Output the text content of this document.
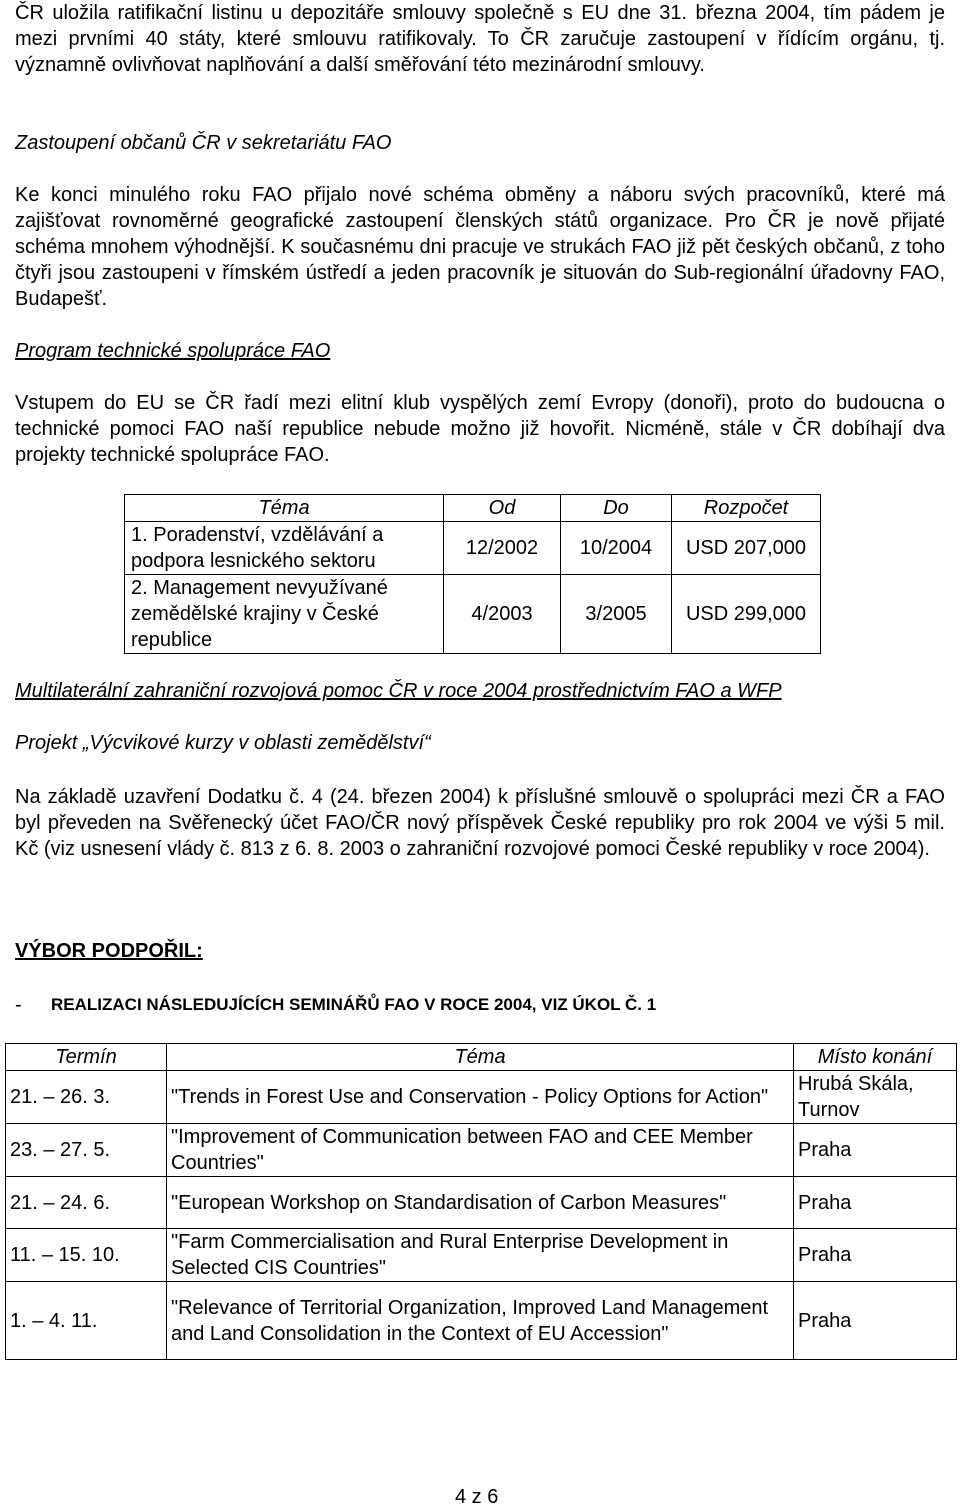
ČR uložila ratifikační listinu u depozitáře smlouvy společně s EU dne 31. března 2004, tím pádem je mezi prvními 40 státy, které smlouvu ratifikovaly. To ČR zaručuje zastoupení v řídícím orgánu, tj. významně ovlivňovat naplňování a další směřování této mezinárodní smlouvy.

Zastoupení občanů ČR v sekretariátu FAO

Ke konci minulého roku FAO přijalo nové schéma obměny a náboru svých pracovníků, které má zajišťovat rovnoměrné geografické zastoupení členských států organizace. Pro ČR je nově přijaté schéma mnohem výhodnější. K současnému dni pracuje ve strukách FAO již pět českých občanů, z toho čtyři jsou zastoupeni v římském ústředí a jeden pracovník je situován do Sub-regionální úřadovny FAO, Budapešť.

Program technické spolupráce FAO

Vstupem do EU se ČR řadí mezi elitní klub vyspělých zemí Evropy (donoři), proto do budoucna o technické pomoci FAO naší republice nebude možno již hovořit. Nicméně, stále v ČR dobíhají dva projekty technické spolupráce FAO.

Téma	Od	Do	Rozpočet
1. Poradenství, vzdělávání a podpora lesnického sektoru	12/2002	10/2004	USD 207,000
2. Management nevyužívané zemědělské krajiny v České republice	4/2003	3/2005	USD 299,000

Multilaterální zahraniční rozvojová pomoc ČR v roce 2004 prostřednictvím FAO a WFP

Projekt „Výcvikové kurzy v oblasti zemědělství“

Na základě uzavření Dodatku č. 4 (24. březen 2004) k příslušné smlouvě o spolupráci mezi ČR a FAO byl převeden na Svěřenecký účet FAO/ČR nový příspěvek České republiky pro rok 2004 ve výši 5 mil. Kč (viz usnesení vlády č. 813 z 6. 8. 2003 o zahraniční rozvojové pomoci České republiky v roce 2004).

VÝBOR PODPOŘIL:

- REALIZACI NÁSLEDUJÍCÍCH SEMINÁŘŮ FAO V ROCE 2004, VIZ ÚKOL Č. 1
Termín	Téma	Místo konání
21. – 26. 3.	"Trends in Forest Use and Conservation - Policy Options for Action"	Hrubá Skála, Turnov
23. – 27. 5.	"Improvement of Communication between FAO and CEE Member Countries"	Praha
21. – 24. 6.	"European Workshop on Standardisation of Carbon Measures"	Praha
11. – 15. 10.	"Farm Commercialisation and Rural Enterprise Development in Selected CIS Countries"	Praha
1. – 4. 11.	"Relevance of Territorial Organization, Improved Land Management and Land Consolidation in the Context of EU Accession"	Praha
4 z 6
